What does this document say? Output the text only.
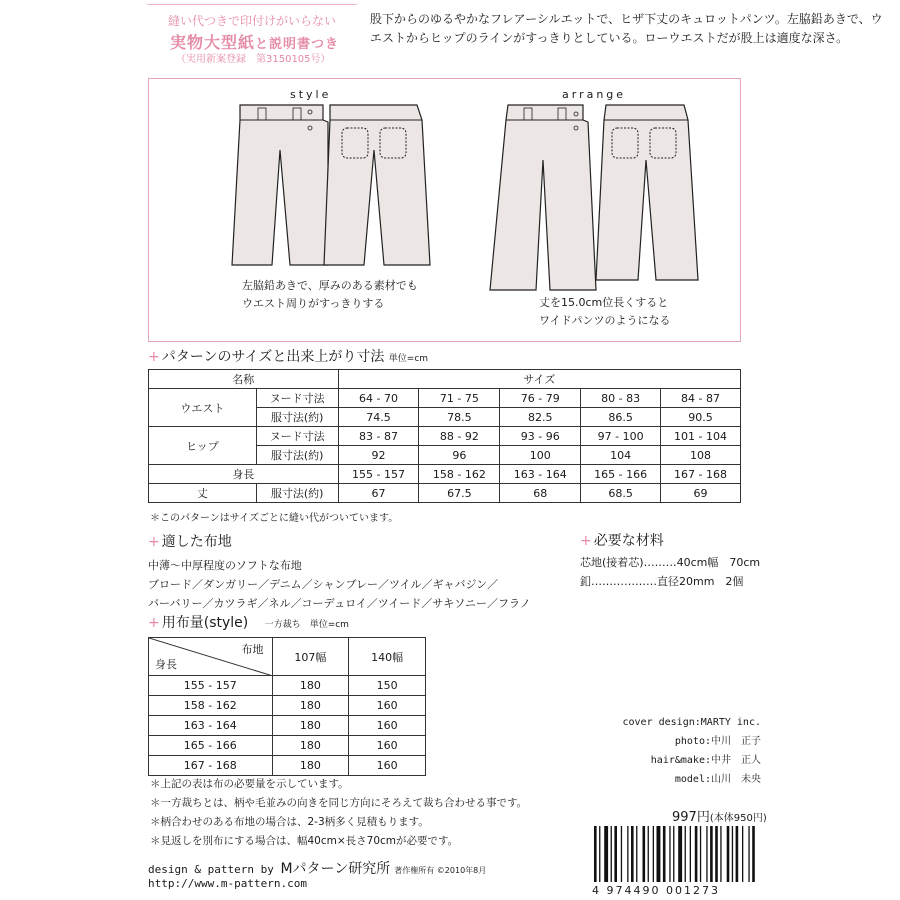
縫い代つきで印付けがいらない
実物大型紙と説明書つき
（実用新案登録　第3150105号）
股下からのゆるやかなフレアーシルエットで、ヒザ下丈のキュロットパンツ。左脇鉛あきで、ウエストからヒップのラインがすっきりとしている。ローウエストだが股上は適度な深さ。
style	arrange
左脇鉛あきで、厚みのある素材でも
ウエスト周りがすっきりする	丈を15.0cm位長くすると
ワイドパンツのようになる
+ パターンのサイズと出来上がり寸法 単位=cm
名称		サイズ				
ウエスト	ヌード寸法	64 - 70	71 - 75	76 - 79	80 - 83	84 - 87
	服寸法(約)	74.5	78.5	82.5	86.5	90.5
ヒップ	ヌード寸法	83 - 87	88 - 92	93 - 96	97 - 100	101 - 104
	服寸法(約)	92	96	100	104	108
身長		155 - 157	158 - 162	163 - 164	165 - 166	167 - 168
丈	服寸法(約)	67	67.5	68	68.5	69
＊このパターンはサイズごとに縫い代がついています。
+ 適した布地
中薄～中厚程度のソフトな布地
ブロード／ダンガリー／デニム／シャンブレー／ツイル／ギャバジン／
バーバリー／カツラギ／ネル／コーデュロイ／ツイード／サキソニー／フラノ
+ 必要な材料
芯地(接着芯)………40cm幅　70cm
釦………………直径20mm　2個
+ 用布量(style) 一方裁ち　単位=cm
布地
身長	107幅	140幅
155 - 157	180	150
158 - 162	180	160
163 - 164	180	160
165 - 166	180	160
167 - 168	180	160
＊上記の表は布の必要量を示しています。
＊一方裁ちとは、柄や毛並みの向きを同じ方向にそろえて裁ち合わせる事です。
＊柄合わせのある布地の場合は、2-3柄多く見積もります。
＊見返しを別布にする場合は、幅40cm×長さ70cmが必要です。
cover design : MARTY inc.
photo : 中川　正子
hair&make : 中井　正人
model : 山川　未央
997円(本体950円)
design & pattern by Mパターン研究所 著作権所有 ©2010年8月
http://www.m-pattern.com
4 974490 001273
